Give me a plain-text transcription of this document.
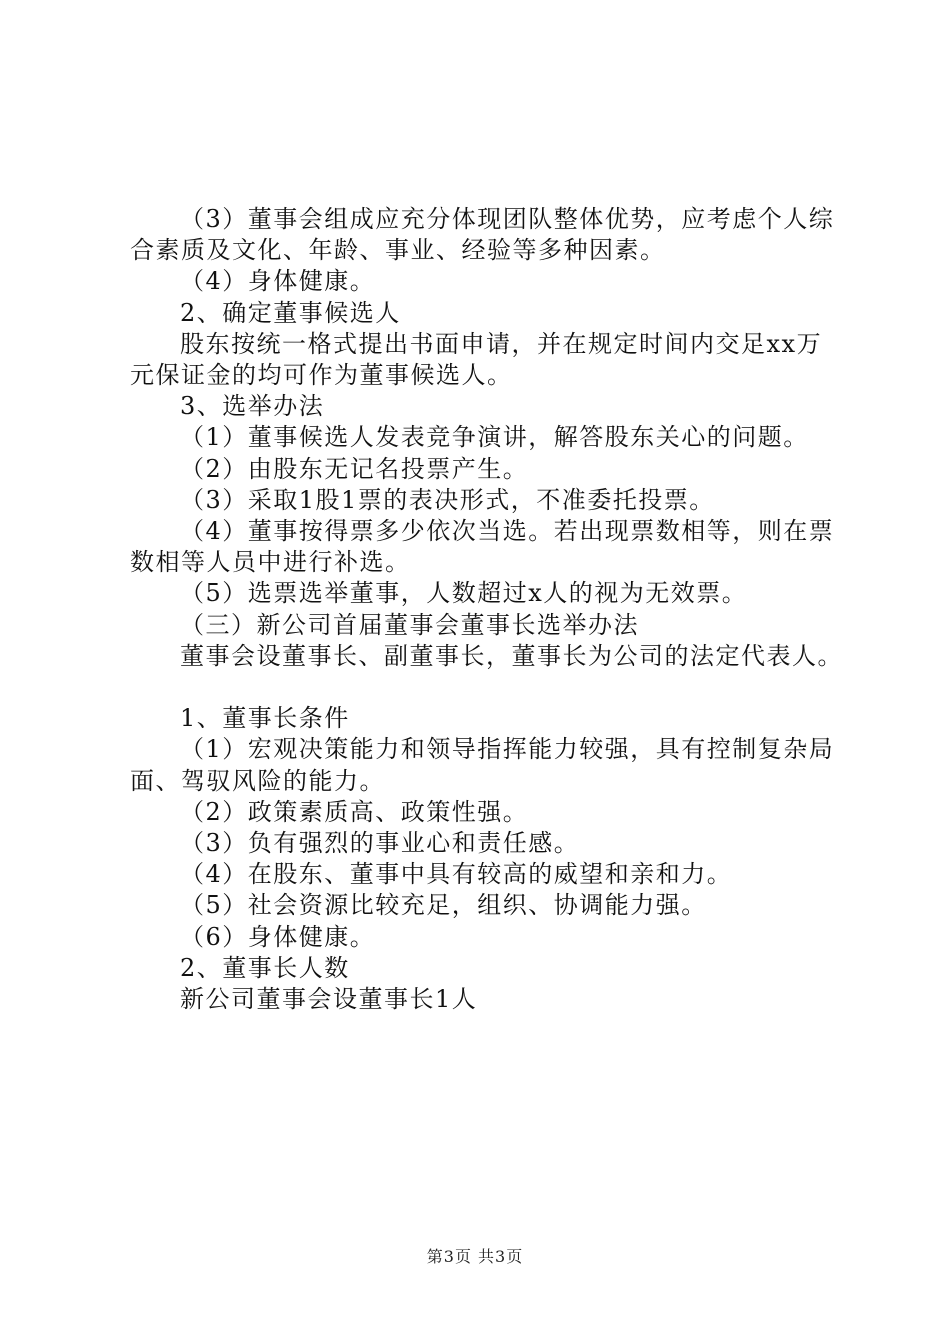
（3）董事会组成应充分体现团队整体优势，应考虑个人综
合素质及文化、年龄、事业、经验等多种因素。
（4）身体健康。
2、确定董事候选人
股东按统一格式提出书面申请，并在规定时间内交足xx万
元保证金的均可作为董事候选人。
3、选举办法
（1）董事候选人发表竞争演讲，解答股东关心的问题。
（2）由股东无记名投票产生。
（3）采取1股1票的表决形式，不准委托投票。
（4）董事按得票多少依次当选。若出现票数相等，则在票
数相等人员中进行补选。
（5）选票选举董事，人数超过x人的视为无效票。
（三）新公司首届董事会董事长选举办法
董事会设董事长、副董事长，董事长为公司的法定代表人。
1、董事长条件
（1）宏观决策能力和领导指挥能力较强，具有控制复杂局
面、驾驭风险的能力。
（2）政策素质高、政策性强。
（3）负有强烈的事业心和责任感。
（4）在股东、董事中具有较高的威望和亲和力。
（5）社会资源比较充足，组织、协调能力强。
（6）身体健康。
2、董事长人数
新公司董事会设董事长1人
第3页 共3页
